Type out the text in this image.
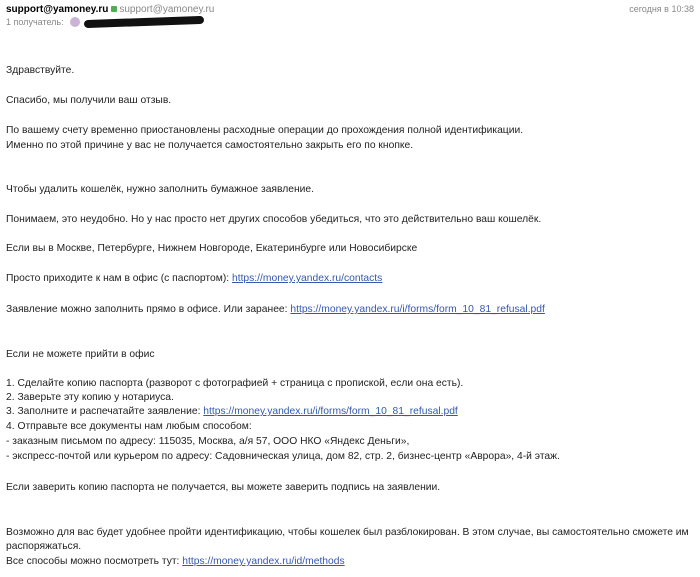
support@yamoney.ru support@yamoney.ru
1 получатель:
сегодня в 10:38
Здравствуйте.
Спасибо, мы получили ваш отзыв.
По вашему счету временно приостановлены расходные операции до прохождения полной идентификации.
Именно по этой причине у вас не получается самостоятельно закрыть его по кнопке.
Чтобы удалить кошелёк, нужно заполнить бумажное заявление.
Понимаем, это неудобно. Но у нас просто нет других способов убедиться, что это действительно ваш кошелёк.
Если вы в Москве, Петербурге, Нижнем Новгороде, Екатеринбурге или Новосибирске
Просто приходите к нам в офис (с паспортом): https://money.yandex.ru/contacts
Заявление можно заполнить прямо в офисе. Или заранее: https://money.yandex.ru/i/forms/form_10_81_refusal.pdf
Если не можете прийти в офис
1. Сделайте копию паспорта (разворот с фотографией + страница с пропиской, если она есть).
2. Заверьте эту копию у нотариуса.
3. Заполните и распечатайте заявление: https://money.yandex.ru/i/forms/form_10_81_refusal.pdf
4. Отправьте все документы нам любым способом:
- заказным письмом по адресу: 115035, Москва, а/я 57, ООО НКО «Яндекс Деньги»,
- экспресс-почтой или курьером по адресу: Садовническая улица, дом 82, стр. 2, бизнес-центр «Аврора», 4-й этаж.
Если заверить копию паспорта не получается, вы можете заверить подпись на заявлении.
Возможно для вас будет удобнее пройти идентификацию, чтобы кошелек был разблокирован. В этом случае, вы самостоятельно сможете им
распоряжаться.
Все способы можно посмотреть тут: https://money.yandex.ru/id/methods
